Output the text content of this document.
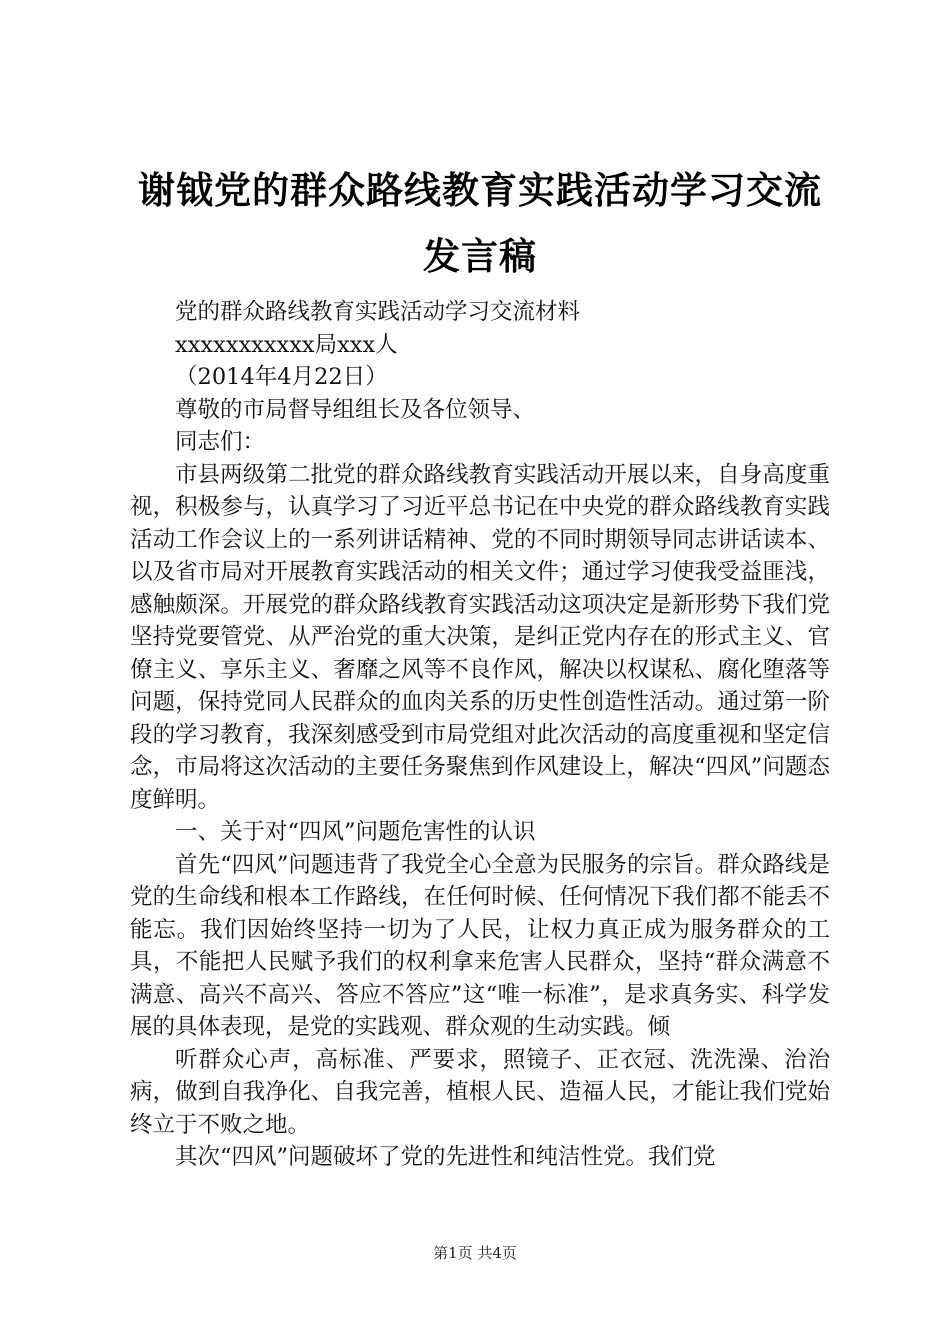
谢钺党的群众路线教育实践活动学习交流发言稿

党的群众路线教育实践活动学习交流材料

xxxxxxxxxxx局xxx人

（2014年4月22日）

尊敬的市局督导组组长及各位领导、

同志们：

市县两级第二批党的群众路线教育实践活动开展以来，自身高度重视，积极参与，认真学习了习近平总书记在中央党的群众路线教育实践活动工作会议上的一系列讲话精神、党的不同时期领导同志讲话读本、以及省市局对开展教育实践活动的相关文件；通过学习使我受益匪浅，感触颇深。开展党的群众路线教育实践活动这项决定是新形势下我们党坚持党要管党、从严治党的重大决策，是纠正党内存在的形式主义、官僚主义、享乐主义、奢靡之风等不良作风，解决以权谋私、腐化堕落等问题，保持党同人民群众的血肉关系的历史性创造性活动。通过第一阶段的学习教育，我深刻感受到市局党组对此次活动的高度重视和坚定信念，市局将这次活动的主要任务聚焦到作风建设上，解决“四风”问题态度鲜明。

一、关于对“四风”问题危害性的认识

首先“四风”问题违背了我党全心全意为民服务的宗旨。群众路线是党的生命线和根本工作路线，在任何时候、任何情况下我们都不能丢不能忘。我们因始终坚持一切为了人民，让权力真正成为服务群众的工具，不能把人民赋予我们的权利拿来危害人民群众，坚持“群众满意不满意、高兴不高兴、答应不答应”这“唯一标准”，是求真务实、科学发展的具体表现，是党的实践观、群众观的生动实践。倾

听群众心声，高标准、严要求，照镜子、正衣冠、洗洗澡、治治病，做到自我净化、自我完善，植根人民、造福人民，才能让我们党始终立于不败之地。

其次“四风”问题破坏了党的先进性和纯洁性党。我们党

第1页 共4页
